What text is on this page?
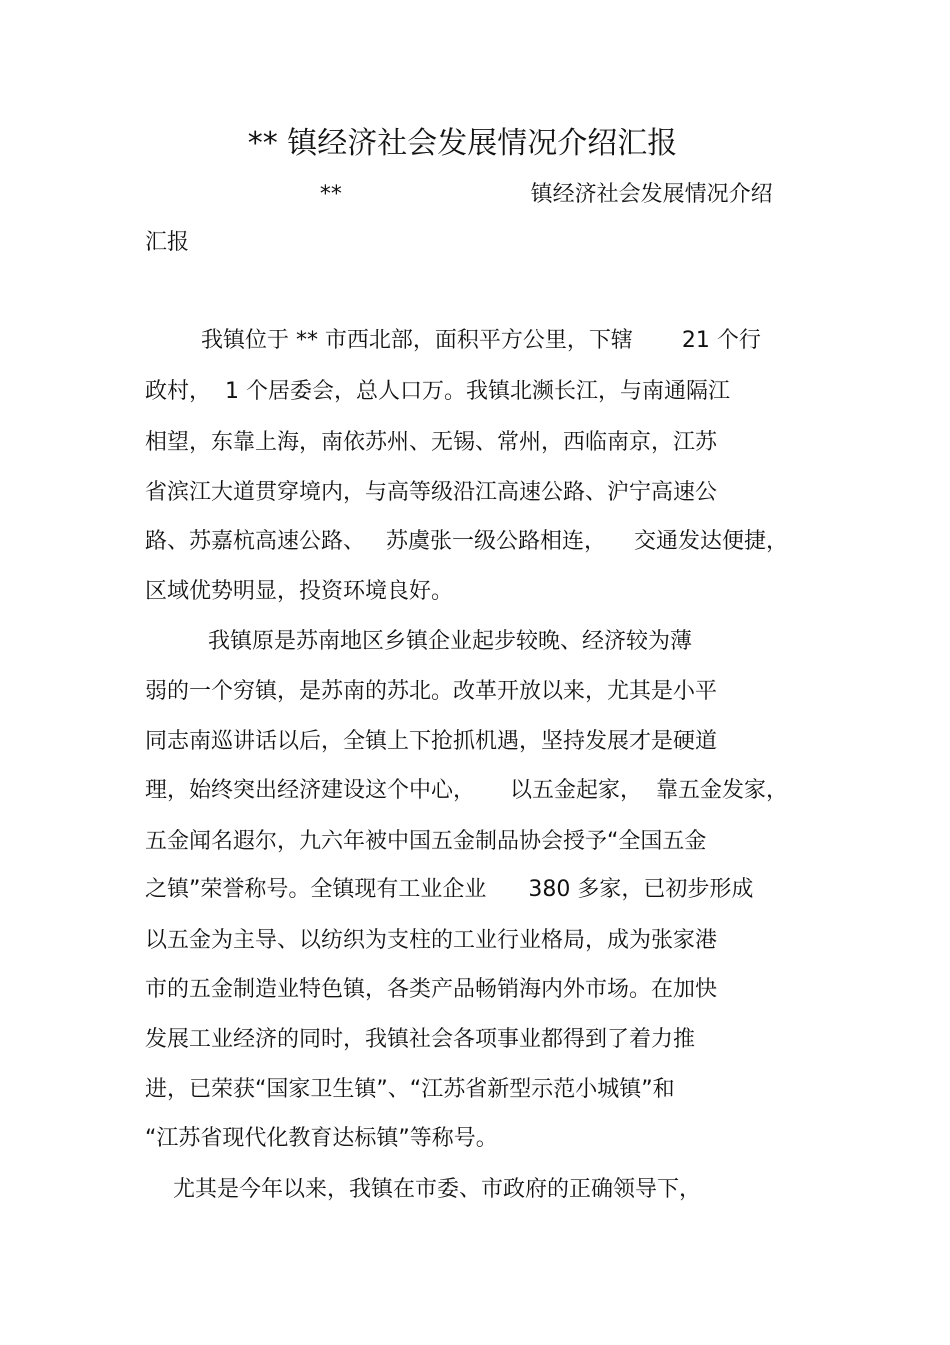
** 镇经济社会发展情况介绍汇报
**                           镇经济社会发展情况介绍
汇报
我镇位于 ** 市西北部，面积平方公里，下辖       21 个行
政村，  1 个居委会，总人口万。我镇北濒长江，与南通隔江
相望，东靠上海，南依苏州、无锡、常州，西临南京，江苏
省滨江大道贯穿境内，与高等级沿江高速公路、沪宁高速公
路、苏嘉杭高速公路、   苏虞张一级公路相连，    交通发达便捷，
区域优势明显，投资环境良好。
我镇原是苏南地区乡镇企业起步较晚、经济较为薄
弱的一个穷镇，是苏南的苏北。改革开放以来，尤其是小平
同志南巡讲话以后，全镇上下抢抓机遇，坚持发展才是硬道
理，始终突出经济建设这个中心，     以五金起家，  靠五金发家，
五金闻名遐尔，九六年被中国五金制品协会授予“全国五金
之镇”荣誉称号。全镇现有工业企业      380 多家，已初步形成
以五金为主导、以纺织为支柱的工业行业格局，成为张家港
市的五金制造业特色镇，各类产品畅销海内外市场。在加快
发展工业经济的同时，我镇社会各项事业都得到了着力推
进，已荣获“国家卫生镇”、“江苏省新型示范小城镇”和
“江苏省现代化教育达标镇”等称号。
尤其是今年以来，我镇在市委、市政府的正确领导下，
